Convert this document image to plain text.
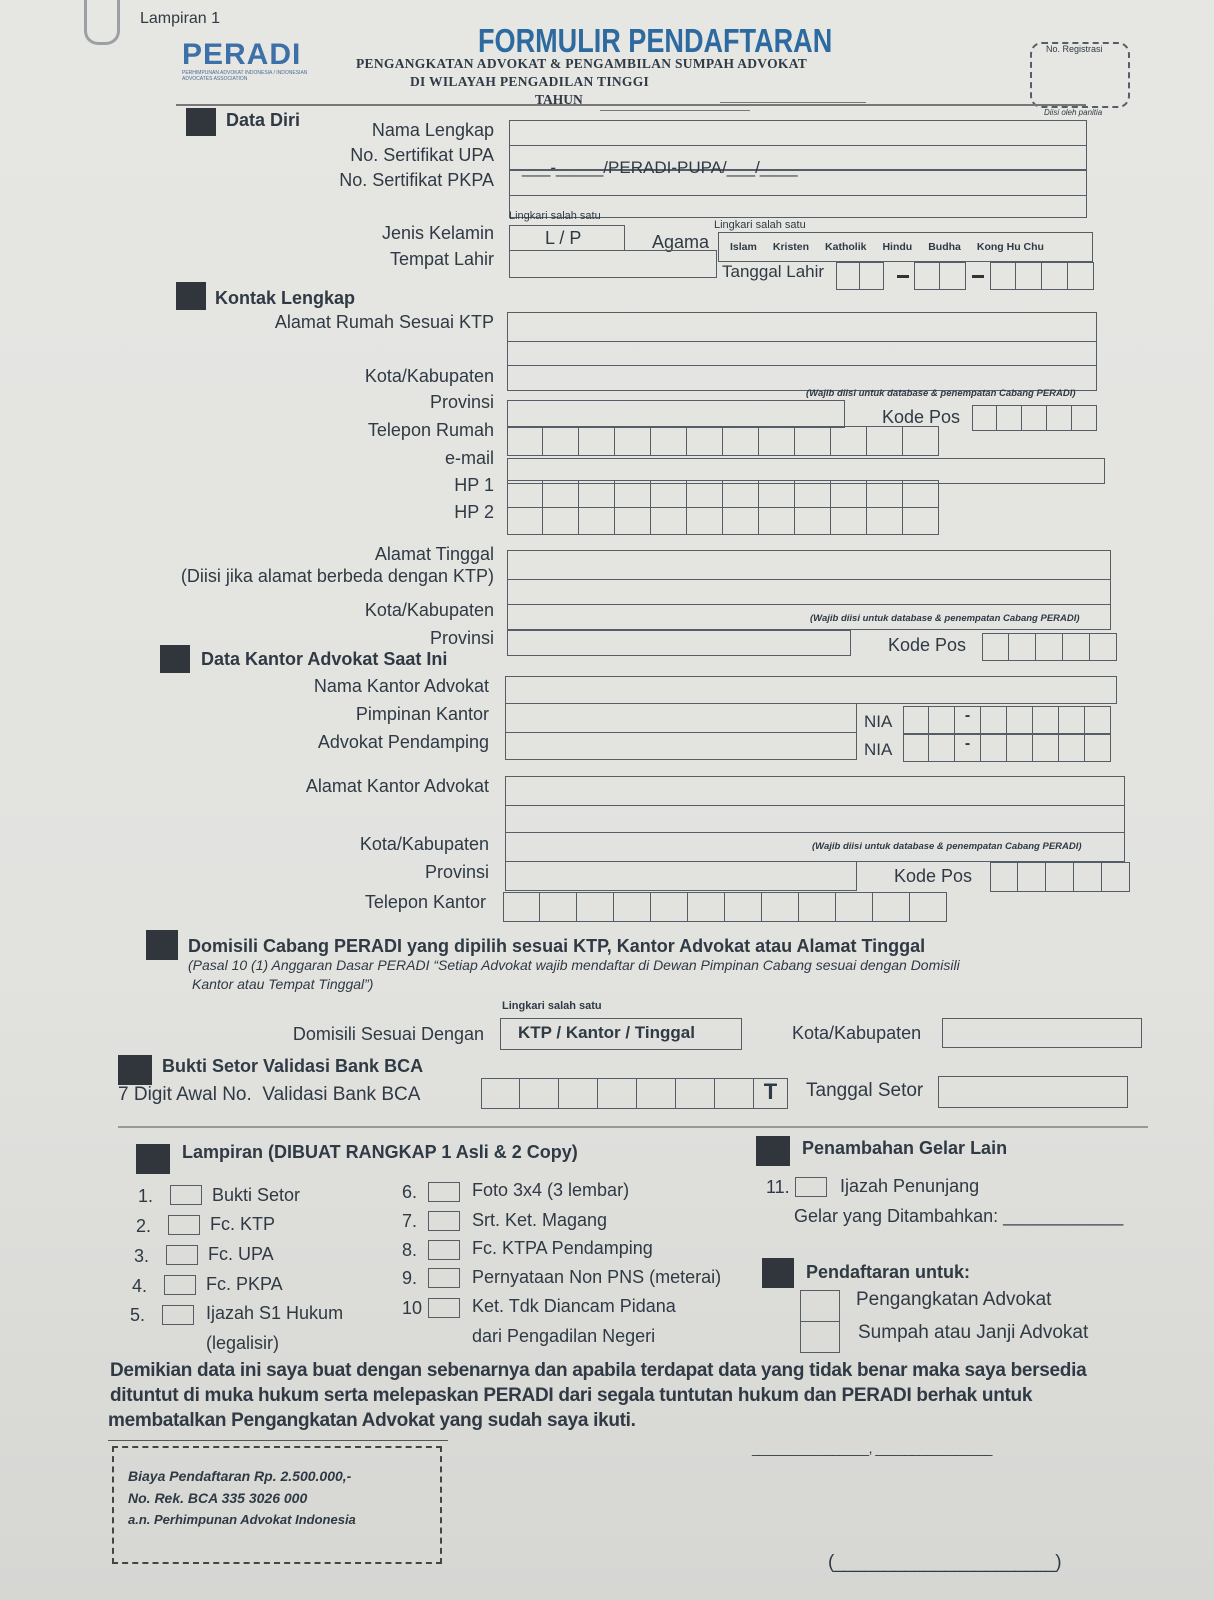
Lampiran 1
FORMULIR PENDAFTARAN
PERADI
PERHIMPUNAN ADVOKAT INDONESIA / INDONESIAN ADVOCATES ASSOCIATION
PENGANGKATAN ADVOKAT & PENGAMBILAN SUMPAH ADVOKAT
DI WILAYAH PENGADILAN TINGGI
TAHUN
No. Registrasi
Diisi oleh panitia
Data Diri	Nama Lengkap
No. Sertifikat UPA
No. Sertifikat PKPA
___-_____/PERADI-PUPA/___/____
Lingkari salah satu
Lingkari salah satu
Jenis Kelamin	L / P	Agama Islam Kristen Katholik Hindu Budha Kong Hu Chu
Tempat Lahir
Tanggal Lahir
Kontak Lengkap
Alamat Rumah Sesuai KTP
Kota/Kabupaten
(Wajib diisi untuk database & penempatan Cabang PERADI)
Provinsi
Kode Pos
Telepon Rumah
e-mail
HP 1
HP 2
Alamat Tinggal
(Diisi jika alamat berbeda dengan KTP)
Kota/Kabupaten	(Wajib diisi untuk database & penempatan Cabang PERADI)
Provinsi	Kode Pos
Data Kantor Advokat Saat Ini
Nama Kantor Advokat
Pimpinan Kantor	NIA	-
Advokat Pendamping	NIA	-
Alamat Kantor Advokat
Kota/Kabupaten	(Wajib diisi untuk database & penempatan Cabang PERADI)
Provinsi	Kode Pos
Telepon Kantor
Domisili Cabang PERADI yang dipilih sesuai KTP, Kantor Advokat atau Alamat Tinggal
(Pasal 10 (1) Anggaran Dasar PERADI “Setiap Advokat wajib mendaftar di Dewan Pimpinan Cabang sesuai dengan Domisili
Kantor atau Tempat Tinggal”)
Lingkari salah satu
Domisili Sesuai Dengan KTP / Kantor / Tinggal	Kota/Kabupaten
Bukti Setor Validasi Bank BCA
7 Digit Awal No.  Validasi Bank BCA	T	Tanggal Setor
Lampiran (DIBUAT RANGKAP 1 Asli & 2 Copy)
1.	Bukti Setor
2.	Fc. KTP
3.	Fc. UPA
4.	Fc. PKPA
5.	Ijazah S1 Hukum
(legalisir)
6.	Foto 3x4 (3 lembar)
7.	Srt. Ket. Magang
8.	Fc. KTPA Pendamping
9.	Pernyataan Non PNS (meterai)
10	Ket. Tdk Diancam Pidana
dari Pengadilan Negeri
Penambahan Gelar Lain
11.	Ijazah Penunjang
Gelar yang Ditambahkan: ____________
Pendaftaran untuk:
Pengangkatan Advokat
Sumpah atau Janji Advokat
Demikian data ini saya buat dengan sebenarnya dan apabila terdapat data yang tidak benar maka saya bersedia
dituntut di muka hukum serta melepaskan PERADI dari segala tuntutan hukum dan PERADI berhak untuk
membatalkan Pengangkatan Advokat yang sudah saya ikuti.
Biaya Pendaftaran Rp. 2.500.000,-
No. Rek. BCA 335 3026 000
a.n. Perhimpunan Advokat Indonesia
________________, ________________
(______________________)
